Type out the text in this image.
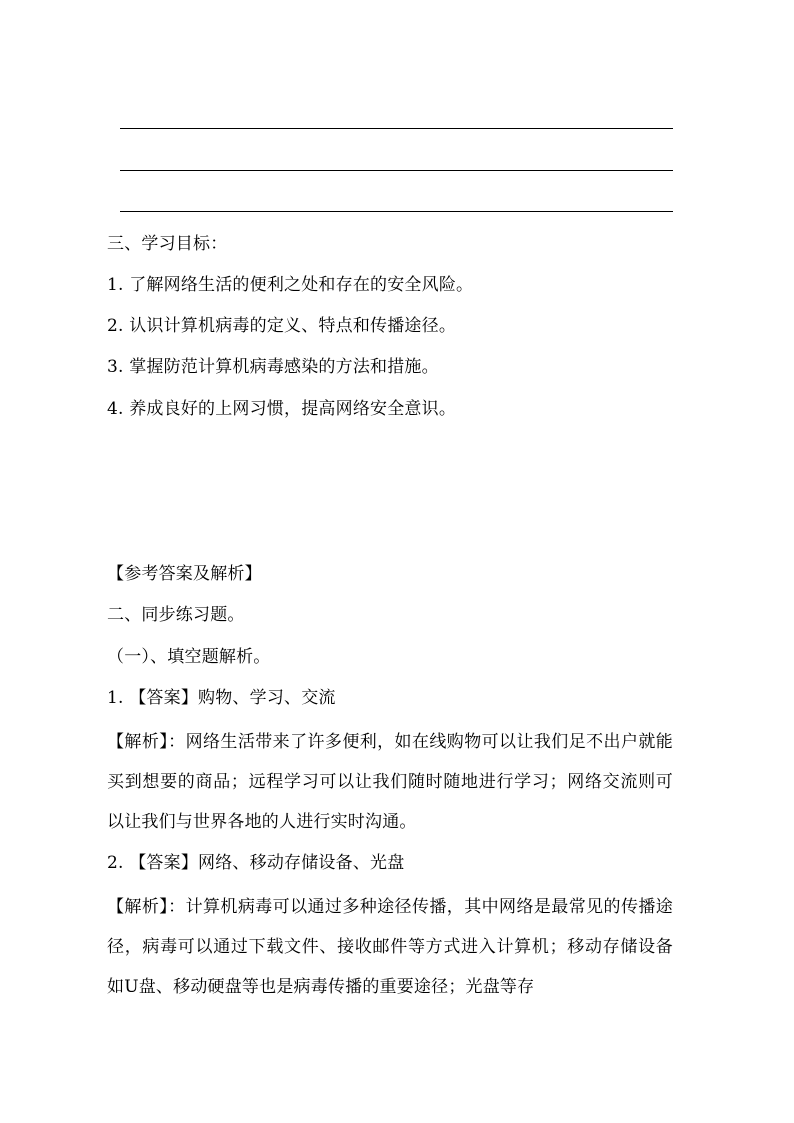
三、学习目标：
1. 了解网络生活的便利之处和存在的安全风险。
2. 认识计算机病毒的定义、特点和传播途径。
3. 掌握防范计算机病毒感染的方法和措施。
4. 养成良好的上网习惯，提高网络安全意识。
【参考答案及解析】
二、同步练习题。
（一）、填空题解析。
1. 【答案】购物、学习、交流
【解析】：网络生活带来了许多便利，如在线购物可以让我们足不出户就能买到想要的商品；远程学习可以让我们随时随地进行学习；网络交流则可以让我们与世界各地的人进行实时沟通。
2. 【答案】网络、移动存储设备、光盘
【解析】：计算机病毒可以通过多种途径传播，其中网络是最常见的传播途径，病毒可以通过下载文件、接收邮件等方式进入计算机；移动存储设备如U盘、移动硬盘等也是病毒传播的重要途径；光盘等存
